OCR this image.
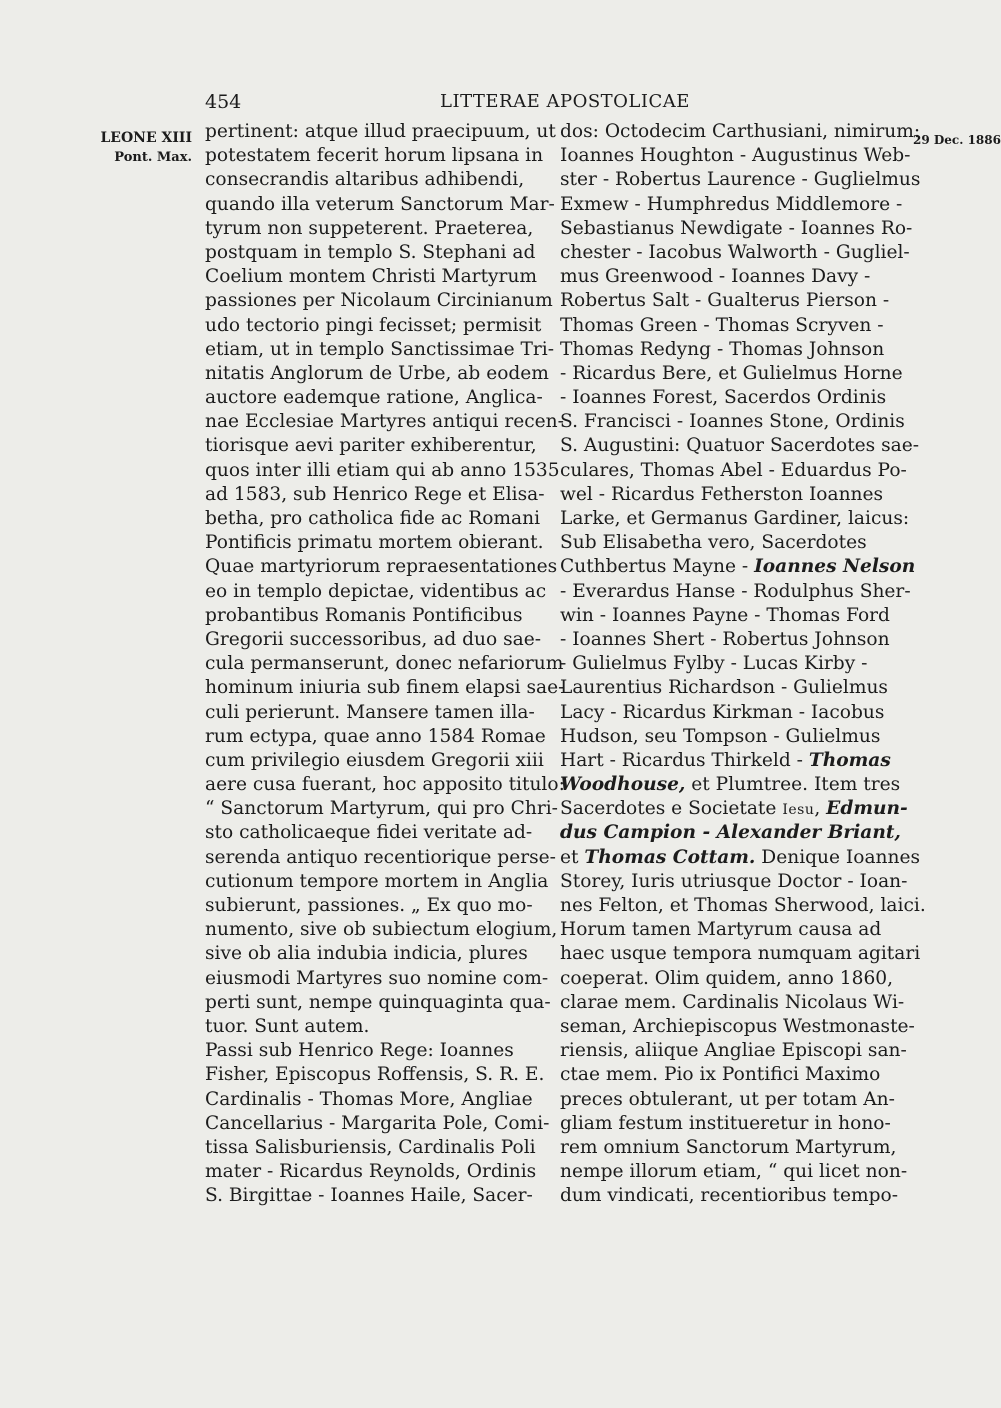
454	LITTERAE APOSTOLICAE
LEONE XIII
Pont. Max.
29 Dec. 1886
pertinent: atque illud praecipuum, ut
potestatem fecerit horum lipsana in
consecrandis altaribus adhibendi,
quando illa veterum Sanctorum Mar-
tyrum non suppeterent. Praeterea,
postquam in templo S. Stephani ad
Coelium montem Christi Martyrum
passiones per Nicolaum Circinianum
udo tectorio pingi fecisset; permisit
etiam, ut in templo Sanctissimae Tri-
nitatis Anglorum de Urbe, ab eodem
auctore eademque ratione, Anglica-
nae Ecclesiae Martyres antiqui recen-
tiorisque aevi pariter exhiberentur,
quos inter illi etiam qui ab anno 1535
ad 1583, sub Henrico Rege et Elisa-
betha, pro catholica fide ac Romani
Pontificis primatu mortem obierant.
Quae martyriorum repraesentationes
eo in templo depictae, videntibus ac
probantibus Romanis Pontificibus
Gregorii successoribus, ad duo sae-
cula permanserunt, donec nefariorum
hominum iniuria sub finem elapsi sae-
culi perierunt. Mansere tamen illa-
rum ectypa, quae anno 1584 Romae
cum privilegio eiusdem Gregorii xiii
aere cusa fuerant, hoc apposito titulo:
“ Sanctorum Martyrum, qui pro Chri-
sto catholicaeque fidei veritate ad-
serenda antiquo recentiorique perse-
cutionum tempore mortem in Anglia
subierunt, passiones. „ Ex quo mo-
numento, sive ob subiectum elogium,
sive ob alia indubia indicia, plures
eiusmodi Martyres suo nomine com-
perti sunt, nempe quinquaginta qua-
tuor. Sunt autem.
Passi sub Henrico Rege: Ioannes
Fisher, Episcopus Roffensis, S. R. E.
Cardinalis - Thomas More, Angliae
Cancellarius - Margarita Pole, Comi-
tissa Salisburiensis, Cardinalis Poli
mater - Ricardus Reynolds, Ordinis
S. Birgittae - Ioannes Haile, Sacer-
dos: Octodecim Carthusiani, nimirum:
Ioannes Houghton - Augustinus Web-
ster - Robertus Laurence - Guglielmus
Exmew - Humphredus Middlemore -
Sebastianus Newdigate - Ioannes Ro-
chester - Iacobus Walworth - Gugliel-
mus Greenwood - Ioannes Davy -
Robertus Salt - Gualterus Pierson -
Thomas Green - Thomas Scryven -
Thomas Redyng - Thomas Johnson
- Ricardus Bere, et Gulielmus Horne
- Ioannes Forest, Sacerdos Ordinis
S. Francisci - Ioannes Stone, Ordinis
S. Augustini: Quatuor Sacerdotes sae-
culares, Thomas Abel - Eduardus Po-
wel - Ricardus Fetherston Ioannes
Larke, et Germanus Gardiner, laicus:
Sub Elisabetha vero, Sacerdotes
Cuthbertus Mayne - Ioannes Nelson
- Everardus Hanse - Rodulphus Sher-
win - Ioannes Payne - Thomas Ford
- Ioannes Shert - Robertus Johnson
- Gulielmus Fylby - Lucas Kirby -
Laurentius Richardson - Gulielmus
Lacy - Ricardus Kirkman - Iacobus
Hudson, seu Tompson - Gulielmus
Hart - Ricardus Thirkeld - Thomas
Woodhouse, et Plumtree. Item tres
Sacerdotes e Societate Iesu, Edmun-
dus Campion - Alexander Briant,
et Thomas Cottam. Denique Ioannes
Storey, Iuris utriusque Doctor - Ioan-
nes Felton, et Thomas Sherwood, laici.
Horum tamen Martyrum causa ad
haec usque tempora numquam agitari
coeperat. Olim quidem, anno 1860,
clarae mem. Cardinalis Nicolaus Wi-
seman, Archiepiscopus Westmonaste-
riensis, aliique Angliae Episcopi san-
ctae mem. Pio ix Pontifici Maximo
preces obtulerant, ut per totam An-
gliam festum institueretur in hono-
rem omnium Sanctorum Martyrum,
nempe illorum etiam, “ qui licet non-
dum vindicati, recentioribus tempo-
